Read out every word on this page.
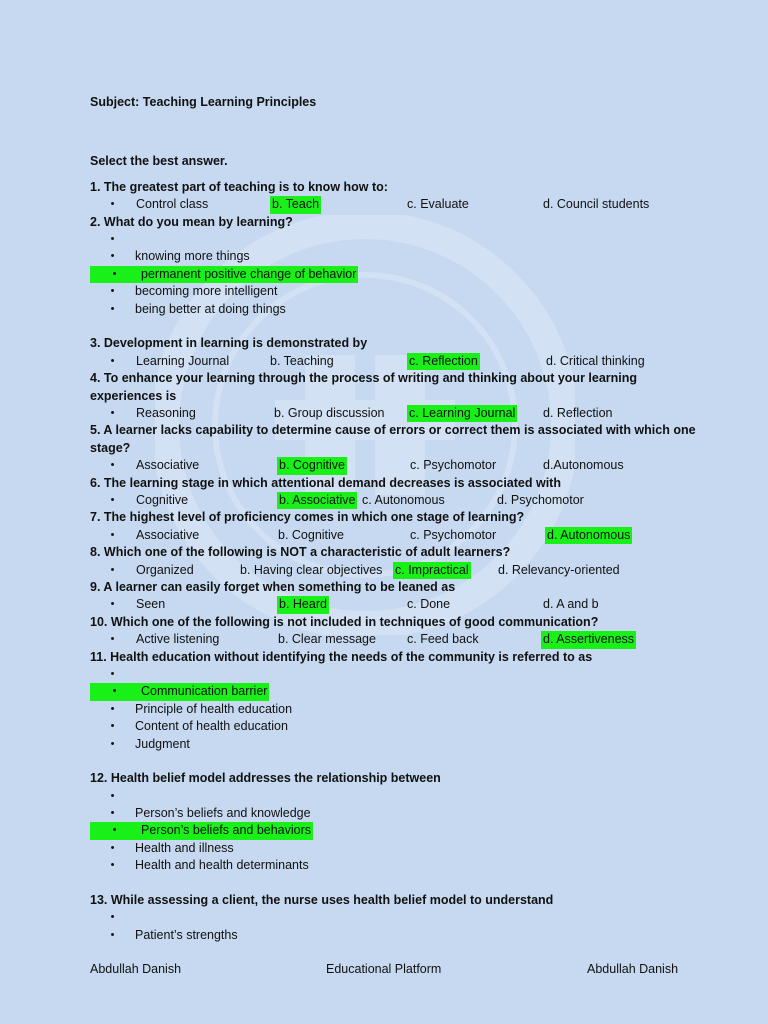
Subject: Teaching Learning Principles
Select the best answer.
1. The greatest part of teaching is to know how to:
•	Control class	b. Teach	c. Evaluate	d. Council students
2. What do you mean by learning?
•
•	knowing more things
•	permanent positive change of behavior
•	becoming more intelligent
•	being better at doing things
3. Development in learning is demonstrated by
•	Learning Journal	b. Teaching	c. Reflection	d. Critical thinking
4. To enhance your learning through the process of writing and thinking about your learning
experiences is
•	Reasoning	b. Group discussion c. Learning Journal d. Reflection
5. A learner lacks capability to determine cause of errors or correct them is associated with which one stage?
•	Associative	b. Cognitive	c. Psychomotor	d.Autonomous
6. The learning stage in which attentional demand decreases is associated with
•	Cognitive	b. Associative c. Autonomous	d. Psychomotor
7. The highest level of proficiency comes in which one stage of learning?
•	Associative	b. Cognitive	c. Psychomotor	d. Autonomous
8. Which one of the following is NOT a characteristic of adult learners?
•	Organized	b. Having clear objectives c. Impractical d. Relevancy-oriented
9. A learner can easily forget when something to be leaned as
•	Seen	b. Heard	c. Done	d. A and b
10. Which one of the following is not included in techniques of good communication?
•	Active listening	b. Clear message c. Feed back	d. Assertiveness
11. Health education without identifying the needs of the community is referred to as
•
•	Communication barrier
•	Principle of health education
•	Content of health education
•	Judgment
12. Health belief model addresses the relationship between
•
•	Person’s beliefs and knowledge
•	Person’s beliefs and behaviors
•	Health and illness
•	Health and health determinants
13. While assessing a client, the nurse uses health belief model to understand
•
•	Patient’s strengths
Abdullah Danish	Educational Platform	Abdullah Danish
